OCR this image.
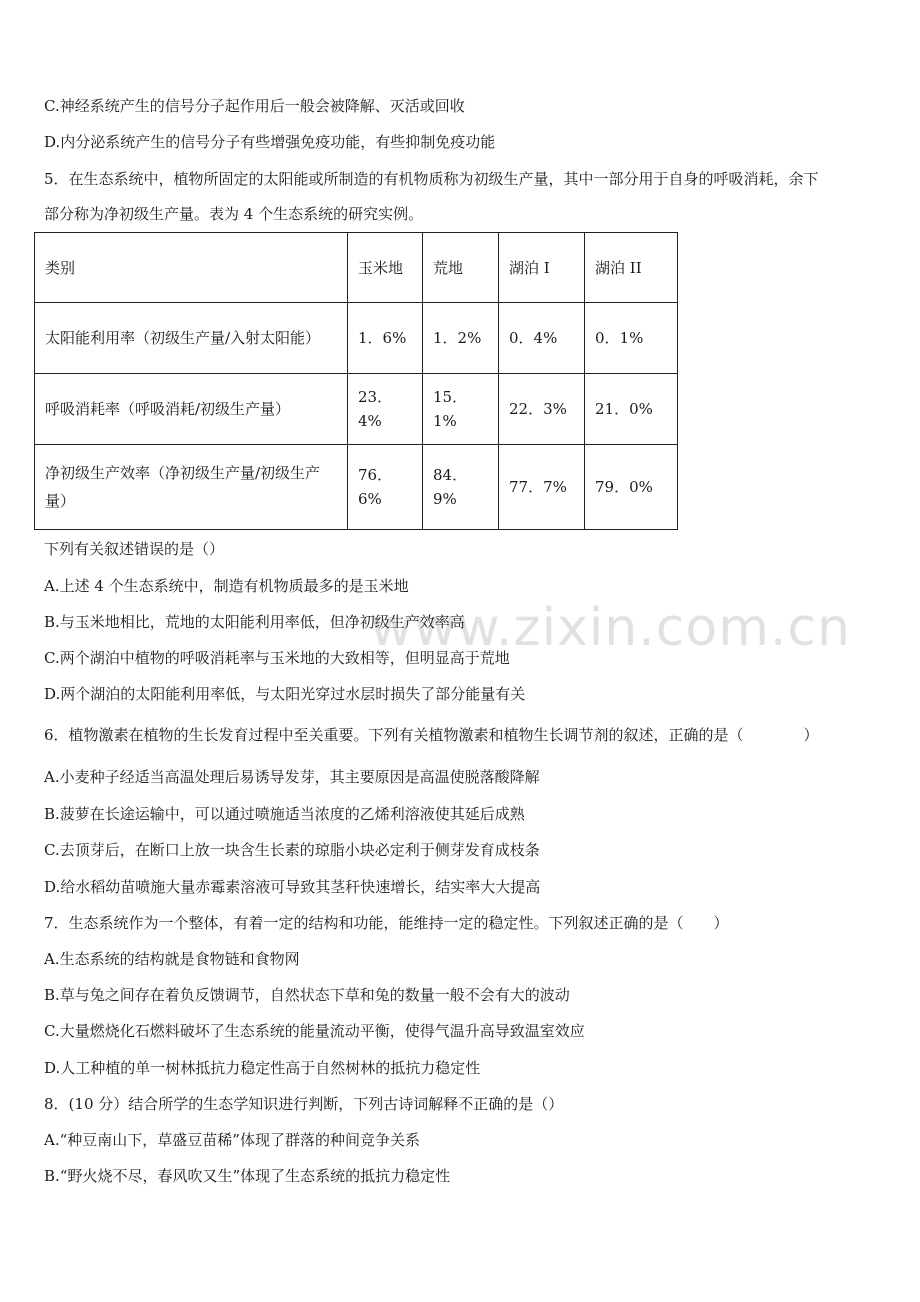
www.zixin.com.cn
C.神经系统产生的信号分子起作用后一般会被降解、灭活或回收
D.内分泌系统产生的信号分子有些增强免疫功能，有些抑制免疫功能
5．在生态系统中，植物所固定的太阳能或所制造的有机物质称为初级生产量，其中一部分用于自身的呼吸消耗，余下
部分称为净初级生产量。表为 4 个生态系统的研究实例。
类别	玉米地	荒地	湖泊 I	湖泊 II
太阳能利用率（初级生产量/入射太阳能）	1．6%	1．2%	0．4%	0．1%
呼吸消耗率（呼吸消耗/初级生产量）	23．4%	15．1%	22．3%	21．0%
净初级生产效率（净初级生产量/初级生产量）	76．6%	84．9%	77．7%	79．0%
下列有关叙述错误的是（）
A.上述 4 个生态系统中，制造有机物质最多的是玉米地
B.与玉米地相比，荒地的太阳能利用率低，但净初级生产效率高
C.两个湖泊中植物的呼吸消耗率与玉米地的大致相等，但明显高于荒地
D.两个湖泊的太阳能利用率低，与太阳光穿过水层时损失了部分能量有关
6．植物激素在植物的生长发育过程中至关重要。下列有关植物激素和植物生长调节剂的叙述，正确的是（　　　　）
A.小麦种子经适当高温处理后易诱导发芽，其主要原因是高温使脱落酸降解
B.菠萝在长途运输中，可以通过喷施适当浓度的乙烯利溶液使其延后成熟
C.去顶芽后，在断口上放一块含生长素的琼脂小块必定利于侧芽发育成枝条
D.给水稻幼苗喷施大量赤霉素溶液可导致其茎秆快速增长，结实率大大提高
7．生态系统作为一个整体，有着一定的结构和功能，能维持一定的稳定性。下列叙述正确的是（　　）
A.生态系统的结构就是食物链和食物网
B.草与兔之间存在着负反馈调节，自然状态下草和兔的数量一般不会有大的波动
C.大量燃烧化石燃料破坏了生态系统的能量流动平衡，使得气温升高导致温室效应
D.人工种植的单一树林抵抗力稳定性高于自然树林的抵抗力稳定性
8．(10 分）结合所学的生态学知识进行判断，下列古诗词解释不正确的是（）
A.“种豆南山下，草盛豆苗稀”体现了群落的种间竞争关系
B.“野火烧不尽，春风吹又生”体现了生态系统的抵抗力稳定性
